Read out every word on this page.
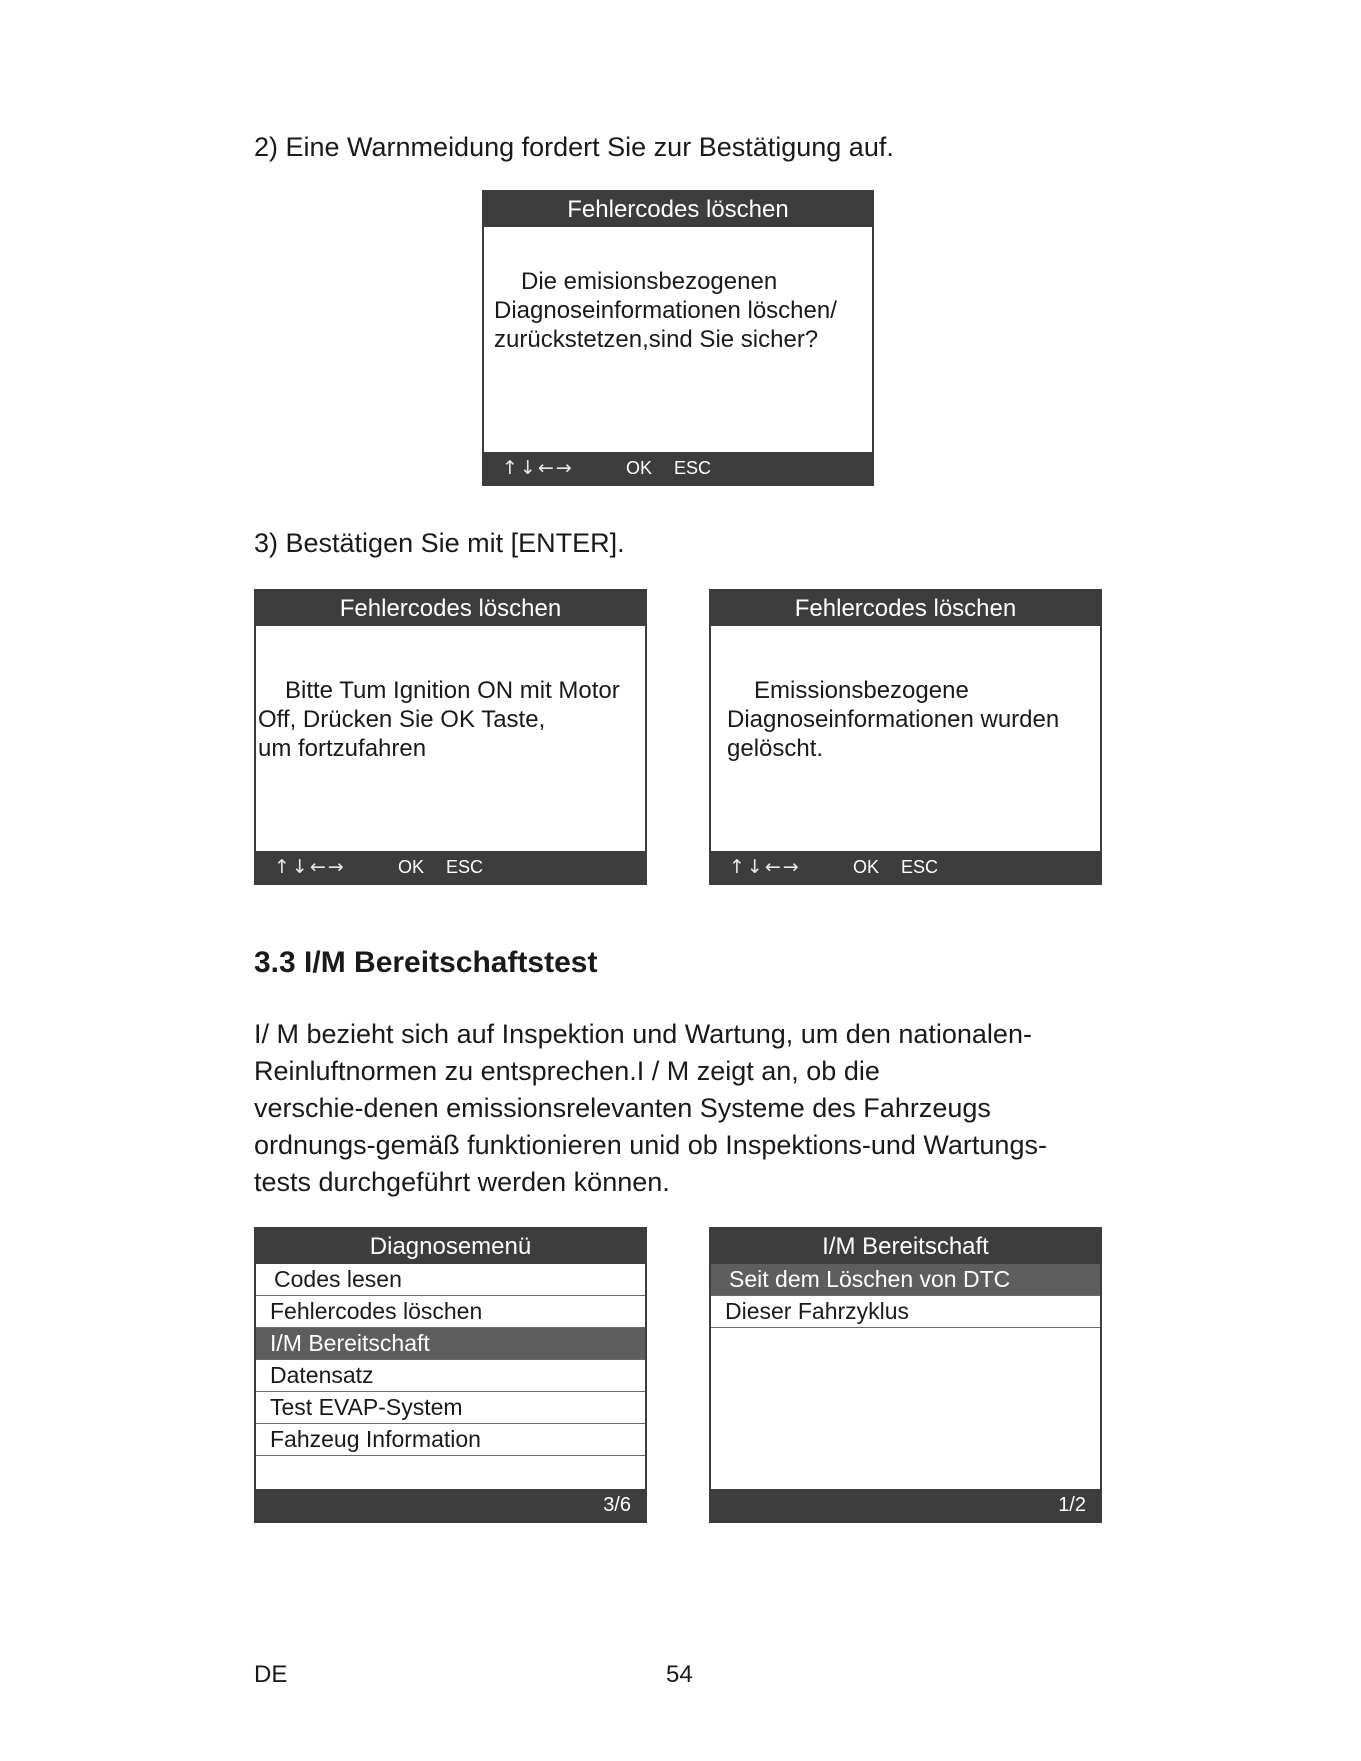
2) Eine Warnmeidung fordert Sie zur Bestätigung auf.
Fehlercodes löschen

Die emisionsbezogenen

Diagnoseinformationen löschen/

zurückstetzen,sind Sie sicher?

↑↓←→	OK ESC
3) Bestätigen Sie mit [ENTER].
Fehlercodes löschen

Bitte Tum Ignition ON mit Motor

Off, Drücken Sie OK Taste,

um fortzufahren

↑↓←→	OK ESC
Fehlercodes löschen

Emissionsbezogene

Diagnoseinformationen wurden

gelöscht.

↑↓←→	OK ESC
3.3 I/M Bereitschaftstest

I/ M bezieht sich auf Inspektion und Wartung, um den nationalen-

Reinluftnormen zu entsprechen.I / M zeigt an, ob die

verschie-denen emissionsrelevanten Systeme des Fahrzeugs

ordnungs-gemäß funktionieren unid ob Inspektions-und Wartungs-

tests durchgeführt werden können.

Diagnosemenü
Codes lesen
Fehlercodes löschen
I/M Bereitschaft
Datensatz
Test EVAP-System
Fahzeug Information
3/6
I/M Bereitschaft
Seit dem Löschen von DTC
Dieser Fahrzyklus
1/2
DE	54
